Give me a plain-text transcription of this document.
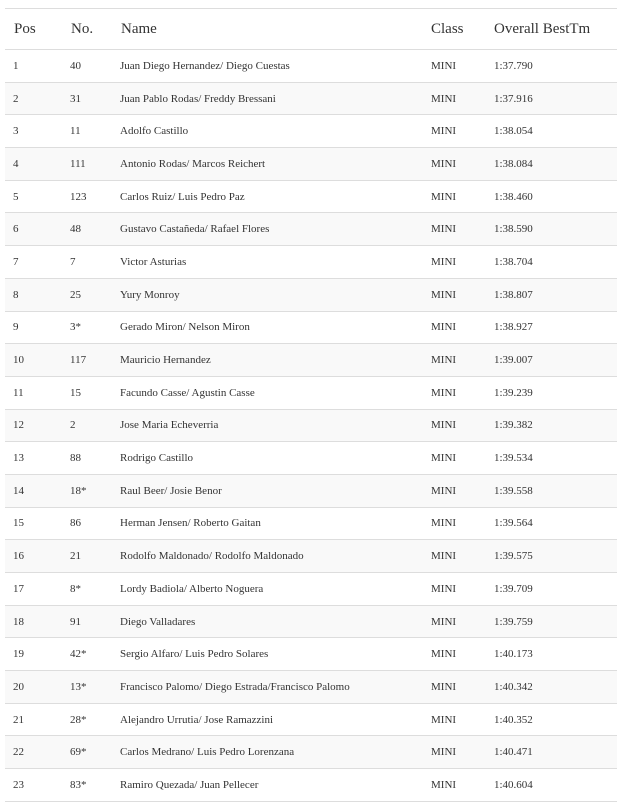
Pos	No.	Name	Class	Overall BestTm
1	40	Juan Diego Hernandez/ Diego Cuestas	MINI	1:37.790
2	31	Juan Pablo Rodas/ Freddy Bressani	MINI	1:37.916
3	11	Adolfo Castillo	MINI	1:38.054
4	111	Antonio Rodas/ Marcos Reichert	MINI	1:38.084
5	123	Carlos Ruiz/ Luis Pedro Paz	MINI	1:38.460
6	48	Gustavo Castañeda/ Rafael Flores	MINI	1:38.590
7	7	Victor Asturias	MINI	1:38.704
8	25	Yury Monroy	MINI	1:38.807
9	3*	Gerado Miron/ Nelson Miron	MINI	1:38.927
10	117	Mauricio Hernandez	MINI	1:39.007
11	15	Facundo Casse/ Agustin Casse	MINI	1:39.239
12	2	Jose Maria Echeverria	MINI	1:39.382
13	88	Rodrigo Castillo	MINI	1:39.534
14	18*	Raul Beer/ Josie Benor	MINI	1:39.558
15	86	Herman Jensen/ Roberto Gaitan	MINI	1:39.564
16	21	Rodolfo Maldonado/ Rodolfo Maldonado	MINI	1:39.575
17	8*	Lordy Badiola/ Alberto Noguera	MINI	1:39.709
18	91	Diego Valladares	MINI	1:39.759
19	42*	Sergio Alfaro/ Luis Pedro Solares	MINI	1:40.173
20	13*	Francisco Palomo/ Diego Estrada/Francisco Palomo	MINI	1:40.342
21	28*	Alejandro Urrutia/ Jose Ramazzini	MINI	1:40.352
22	69*	Carlos Medrano/ Luis Pedro Lorenzana	MINI	1:40.471
23	83*	Ramiro Quezada/ Juan Pellecer	MINI	1:40.604
